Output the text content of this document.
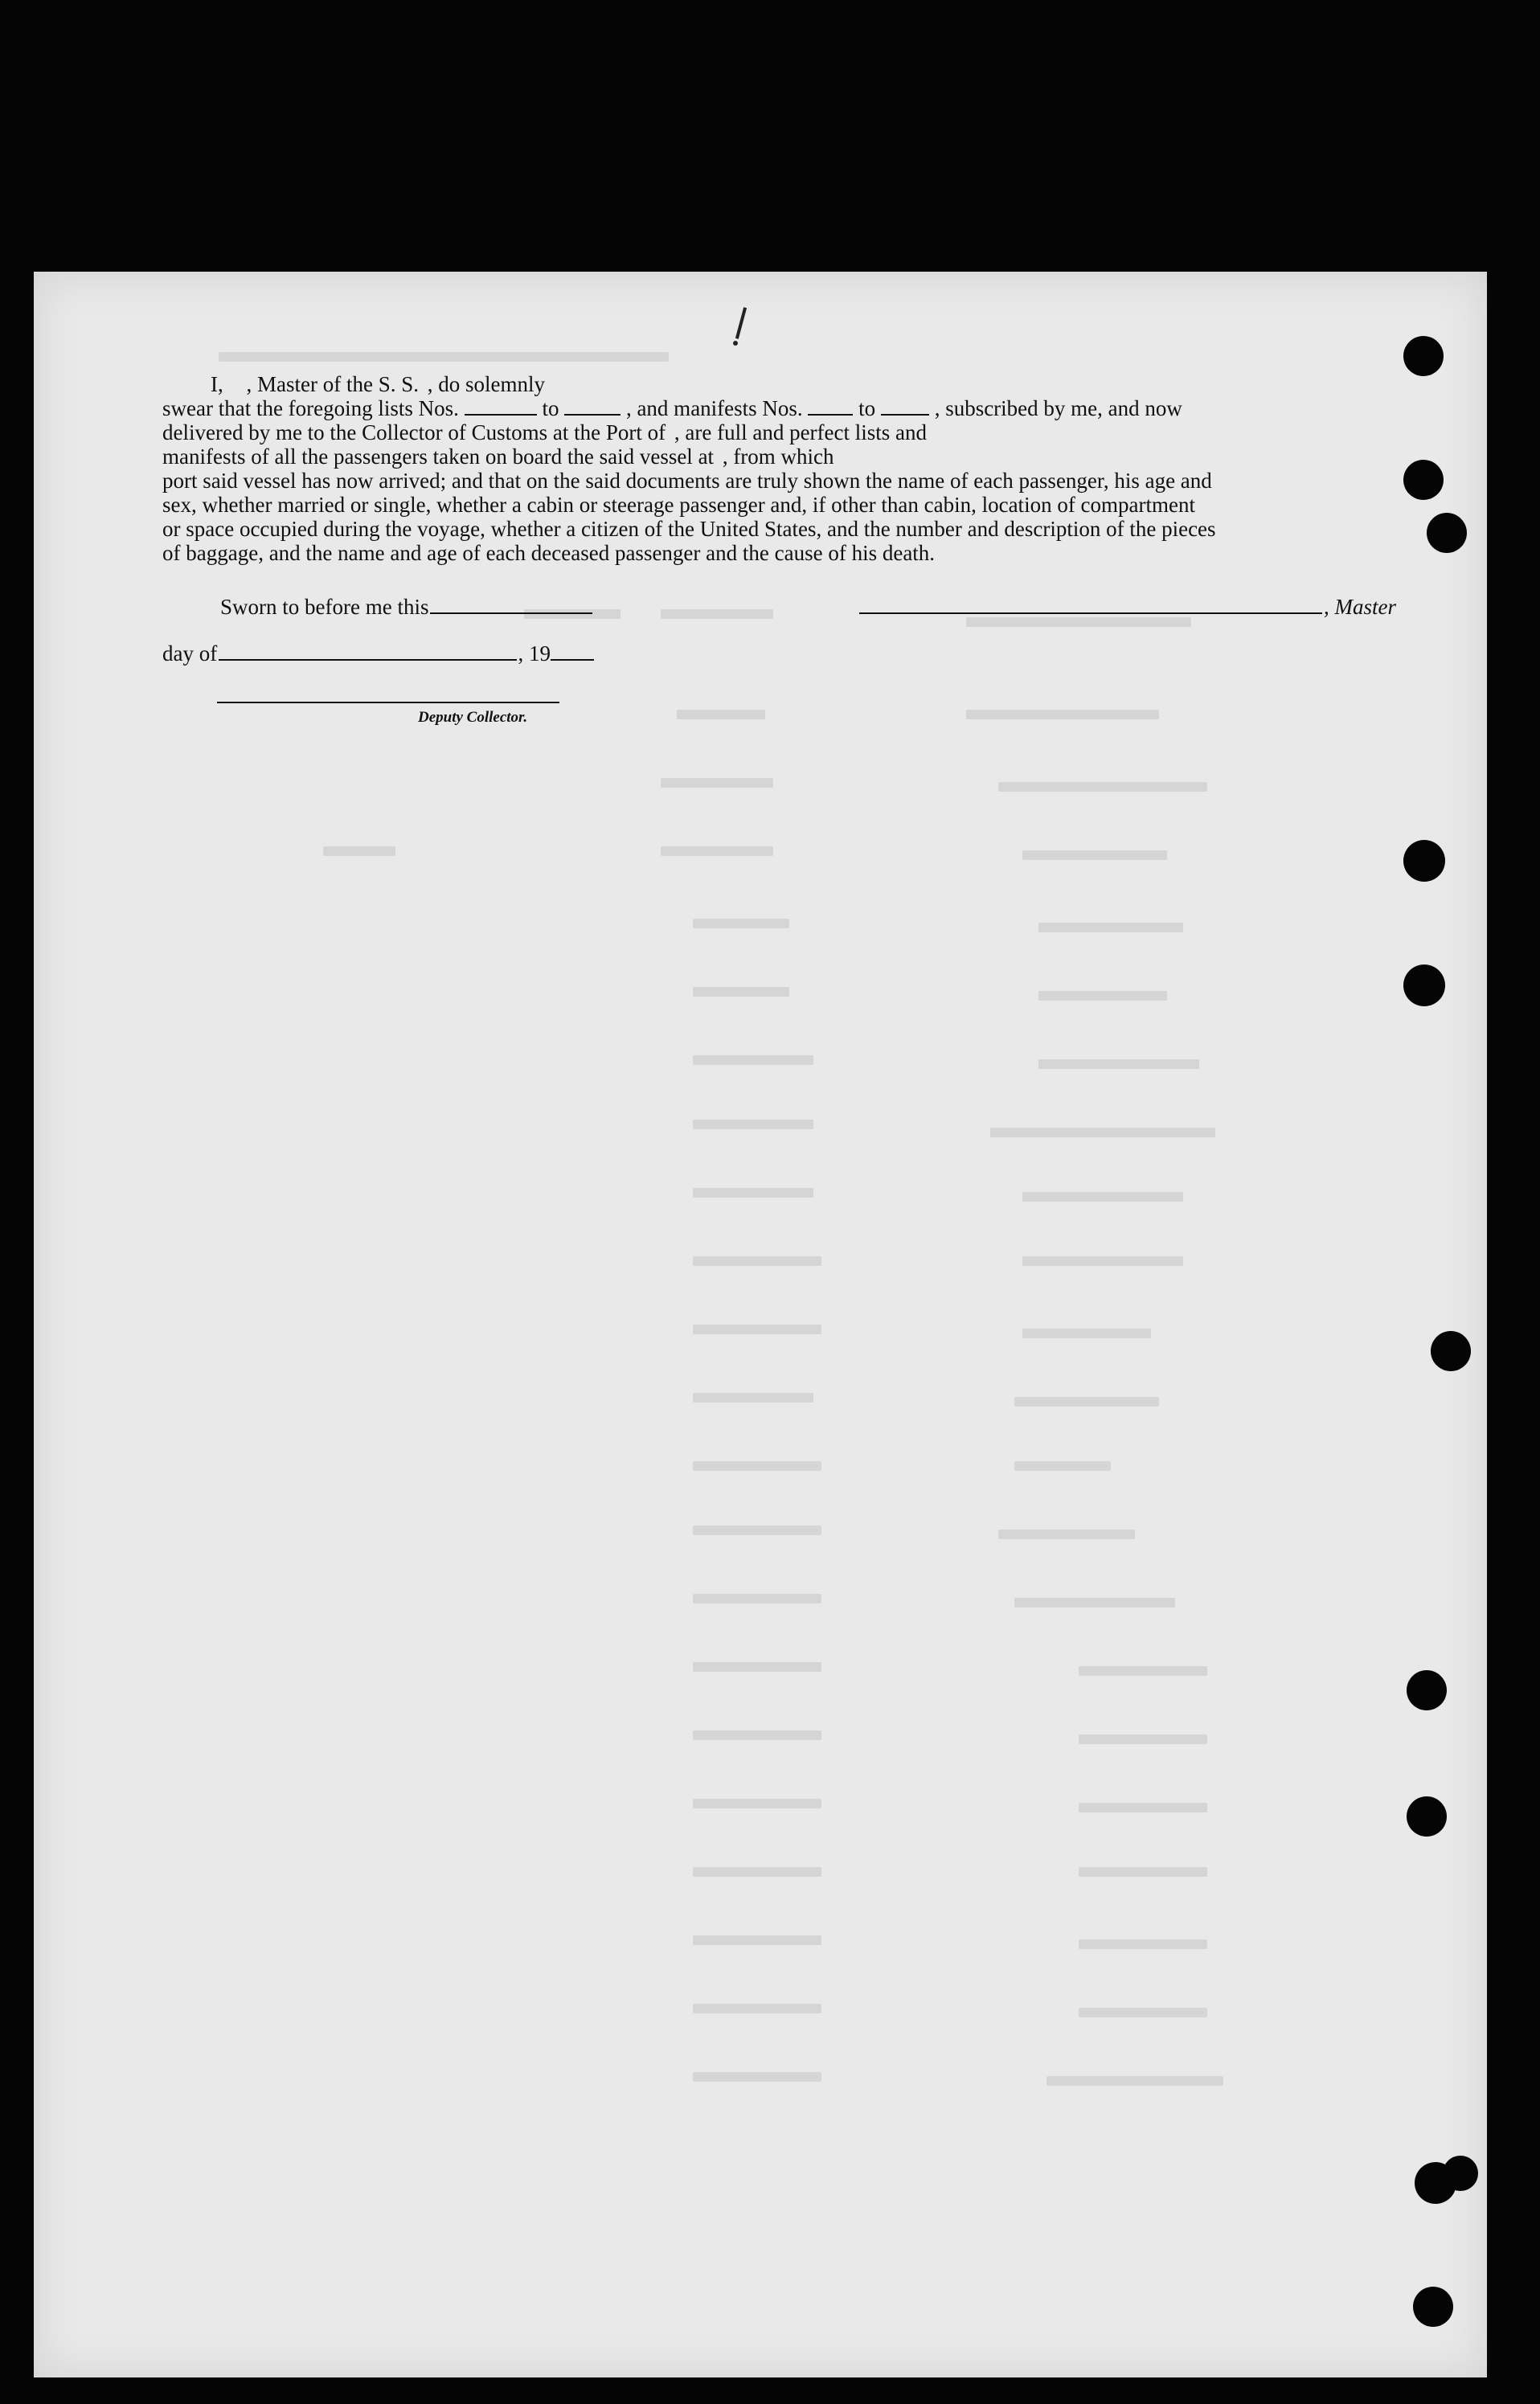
I, , Master of the S. S. , do solemnly
swear that the foregoing lists Nos.	to	, and manifests Nos.	to	, subscribed by me, and now
delivered by me to the Collector of Customs at the Port of , are full and perfect lists and
manifests of all the passengers taken on board the said vessel at , from which
port said vessel has now arrived; and that on the said documents are truly shown the name of each passenger, his age and
sex, whether married or single, whether a cabin or steerage passenger and, if other than cabin, location of compartment
or space occupied during the voyage, whether a citizen of the United States, and the number and description of the pieces
of baggage, and the name and age of each deceased passenger and the cause of his death.
Sworn to before me this	, Master
day of	, 19
Deputy Collector.
